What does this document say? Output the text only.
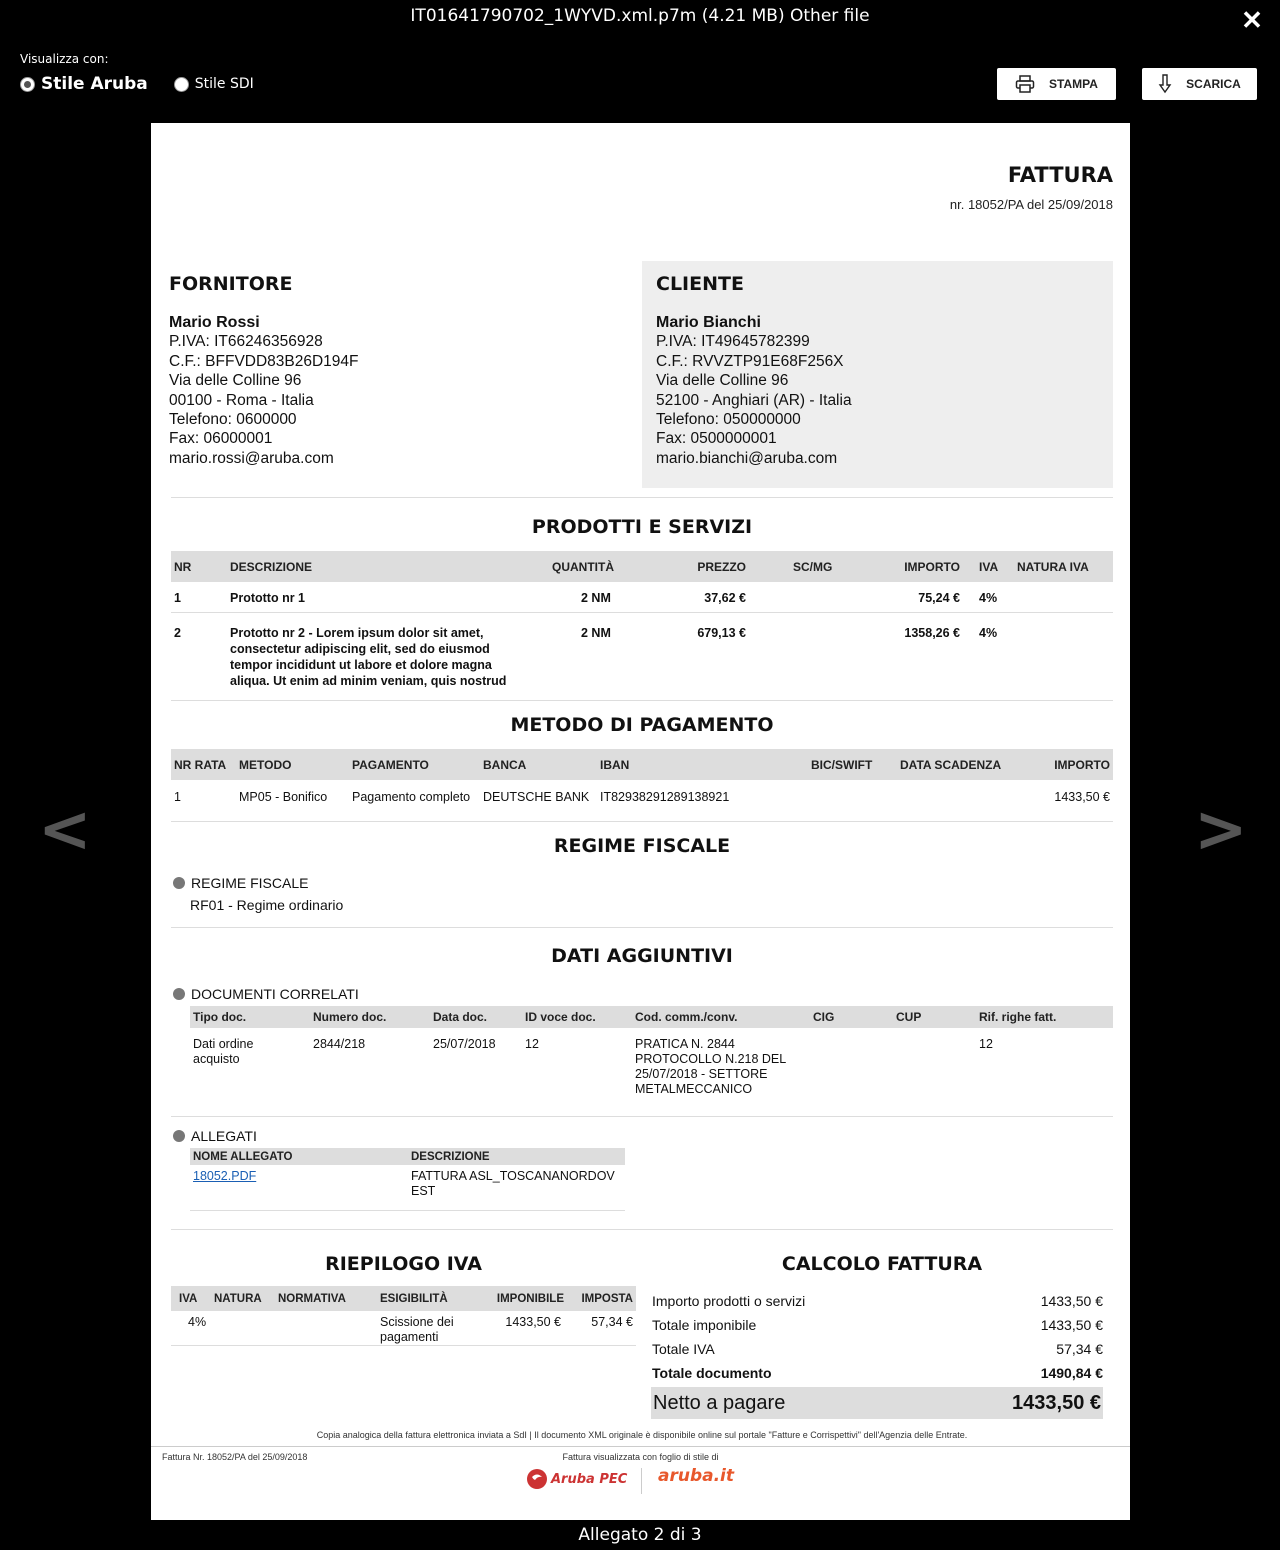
IT01641790702_1WYVD.xml.p7m (4.21 MB) Other file	✕
Visualizza con:
Stile Aruba	Stile SDI	STAMPA	SCARICA
<	>
FATTURA
nr. 18052/PA del 25/09/2018
FORNITORE
Mario Rossi
P.IVA: IT66246356928
C.F.: BFFVDD83B26D194F
Via delle Colline 96
00100 - Roma - Italia
Telefono: 0600000
Fax: 06000001
mario.rossi@aruba.com
CLIENTE
Mario Bianchi
P.IVA: IT49645782399
C.F.: RVVZTP91E68F256X
Via delle Colline 96
52100 - Anghiari (AR) - Italia
Telefono: 050000000
Fax: 0500000001
mario.bianchi@aruba.com
PRODOTTI E SERVIZI
NR	DESCRIZIONE	QUANTITÀ	PREZZO	SC/MG	IMPORTO	IVA	NATURA IVA
1	Prototto nr 1	2 NM	37,62 €		75,24 €	4%	
2	Prototto nr 2 - Lorem ipsum dolor sit amet, consectetur adipiscing elit, sed do eiusmod tempor incididunt ut labore et dolore magna aliqua. Ut enim ad minim veniam, quis nostrud	2 NM	679,13 €		1358,26 €	4%	
METODO DI PAGAMENTO
NR RATA	METODO	PAGAMENTO	BANCA	IBAN	BIC/SWIFT	DATA SCADENZA	IMPORTO
1	MP05 - Bonifico	Pagamento completo	DEUTSCHE BANK	IT82938291289138921			1433,50 €
REGIME FISCALE
REGIME FISCALE
RF01 - Regime ordinario
DATI AGGIUNTIVI
DOCUMENTI CORRELATI
Tipo doc.	Numero doc.	Data doc.	ID voce doc.	Cod. comm./conv.	CIG	CUP	Rif. righe fatt.
Dati ordine acquisto	2844/218	25/07/2018	12	PRATICA N. 2844 PROTOCOLLO N.218 DEL 25/07/2018 - SETTORE METALMECCANICO			12
ALLEGATI
NOME ALLEGATO	DESCRIZIONE
18052.PDF	FATTURA ASL_TOSCANANORDOVEST
RIEPILOGO IVA	CALCOLO FATTURA
IVA	NATURA	NORMATIVA	ESIGIBILITÀ	IMPONIBILE	IMPOSTA
4%			Scissione dei pagamenti	1433,50 €	57,34 €
Importo prodotti o servizi	1433,50 €
Totale imponibile	1433,50 €
Totale IVA	57,34 €
Totale documento	1490,84 €
Netto a pagare	1433,50 €
Copia analogica della fattura elettronica inviata a SdI | Il documento XML originale è disponibile online sul portale "Fatture e Corrispettivi" dell'Agenzia delle Entrate.
Fattura Nr. 18052/PA del 25/09/2018	Fattura visualizzata con foglio di stile di
Aruba PEC aruba.it
Allegato 2 di 3
